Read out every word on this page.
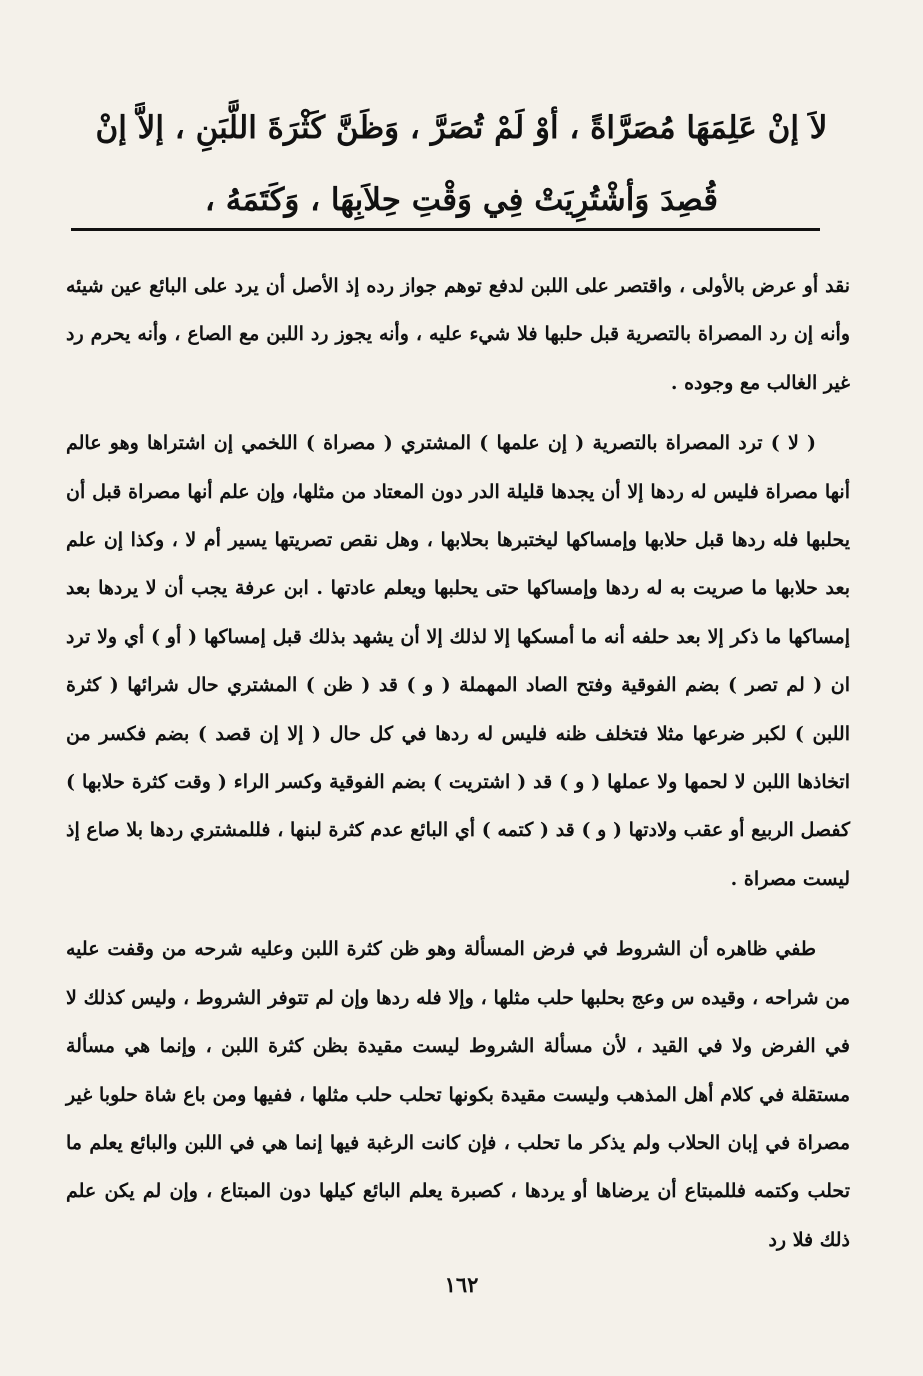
لاَ إنْ عَلِمَهَا مُصَرَّاةً ، أوْ لَمْ تُصَرَّ ، وَظَنَّ كَثْرَةَ اللَّبَنِ ، إلاَّ إنْ قُصِدَ وَأشْتُرِيَتْ فِي وَقْتِ حِلاَبِهَا ، وَكَتَمَهُ ،

نقد أو عرض بالأولى ، واقتصر على اللبن لدفع توهم جواز رده إذ الأصل أن يرد على البائع عين شيئه وأنه إن رد المصراة بالتصرية قبل حلبها فلا شيء عليه ، وأنه يجوز رد اللبن مع الصاع ، وأنه يحرم رد غير الغالب مع وجوده .

( لا ) ترد المصراة بالتصرية ( إن علمها ) المشتري ( مصراة ) اللخمي إن اشتراها وهو عالم أنها مصراة فليس له ردها إلا أن يجدها قليلة الدر دون المعتاد من مثلها، وإن علم أنها مصراة قبل أن يحلبها فله ردها قبل حلابها وإمساكها ليختبرها بحلابها ، وهل نقص تصريتها يسير أم لا ، وكذا إن علم بعد حلابها ما صريت به له ردها وإمساكها حتى يحلبها ويعلم عادتها . ابن عرفة يجب أن لا يردها بعد إمساكها ما ذكر إلا بعد حلفه أنه ما أمسكها إلا لذلك إلا أن يشهد بذلك قبل إمساكها ( أو ) أي ولا ترد ان ( لم تصر ) بضم الفوقية وفتح الصاد المهملة ( و ) قد ( ظن ) المشتري حال شرائها ( كثرة اللبن ) لكبر ضرعها مثلا فتخلف ظنه فليس له ردها في كل حال ( إلا إن قصد ) بضم فكسر من اتخاذها اللبن لا لحمها ولا عملها ( و ) قد ( اشتريت ) بضم الفوقية وكسر الراء ( وقت كثرة حلابها ) كفصل الربيع أو عقب ولادتها ( و ) قد ( كتمه ) أي البائع عدم كثرة لبنها ، فللمشتري ردها بلا صاع إذ ليست مصراة .

طفي ظاهره أن الشروط في فرض المسألة وهو ظن كثرة اللبن وعليه شرحه من وقفت عليه من شراحه ، وقيده س وعج بحلبها حلب مثلها ، وإلا فله ردها وإن لم تتوفر الشروط ، وليس كذلك لا في الفرض ولا في القيد ، لأن مسألة الشروط ليست مقيدة بظن كثرة اللبن ، وإنما هي مسألة مستقلة في كلام أهل المذهب وليست مقيدة بكونها تحلب حلب مثلها ، ففيها ومن باع شاة حلوبا غير مصراة في إبان الحلاب ولم يذكر ما تحلب ، فإن كانت الرغبة فيها إنما هي في اللبن والبائع يعلم ما تحلب وكتمه فللمبتاع أن يرضاها أو يردها ، كصبرة يعلم البائع كيلها دون المبتاع ، وإن لم يكن علم ذلك فلا رد

١٦٢
